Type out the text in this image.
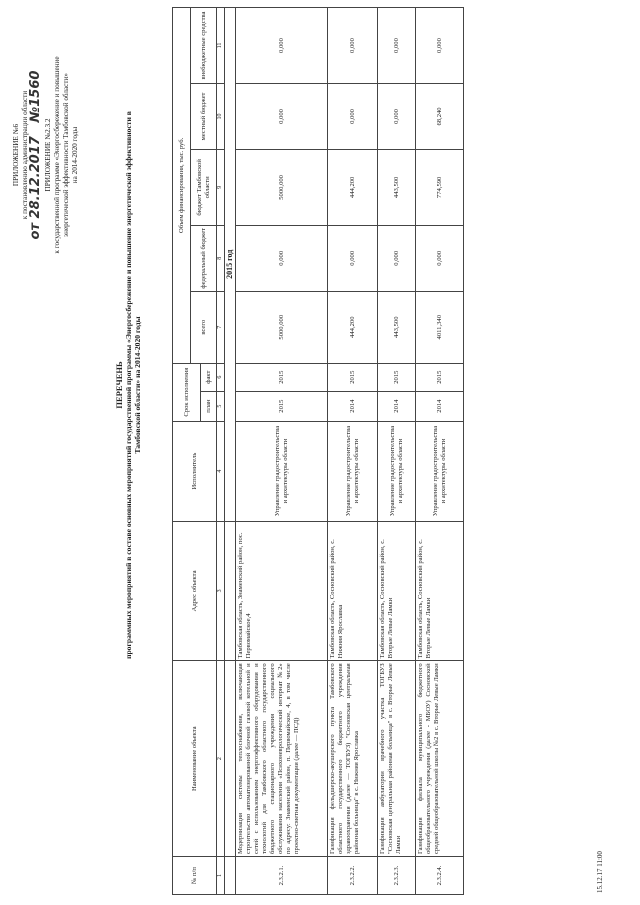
ПРИЛОЖЕНИЕ №6 к постановлению администрации области от 28.12.2017 №1560
ПРИЛОЖЕНИЕ №2.3.2 к государственной программе «Энергосбережение и повышение энергетической эффективности Тамбовской области» на 2014-2020 годы
ПЕРЕЧЕНЬ программных мероприятий в составе основных мероприятий государственной программы «Энергосбережение и повышение энергетической эффективности в Тамбовской области» на 2014-2020 годы
№ п/п	Наименование объекта	Адрес объекта	Исполнитель	Срок исполнения		Объем финансирования, тыс. руб.				
						всего	федеральный бюджет	бюджет Тамбовской области	местный бюджет	внебюджетные средства
				план	факт					
1	2	3	4	5	6	7	8	9	10	11
			2015 год							
2.3.2.1.	Модернизация системы теплоснабжения, включающая строительство автоматизированной блочной газовой котельной и сетей с использованием энергоэффективного оборудования и технологий для Тамбовского областного государственного бюджетного стационарного учреждения социального обслуживания населения «Психоневрологический интернат №2» по адресу: Знаменский район, п. Первомайское, 4, в том числе проектно-сметная документация (далее — ПСД)	Тамбовская область, Знаменский район, пос. Первомайское,4	Управление градостроительства и архитектуры области	2015	2015	5000,000	0,000	5000,000	0,000	0,000
2.3.2.2.	Газификация фельдшерско-акушерского пункта Тамбовского областного государственного бюджетного учреждения здравоохранения (далее — ТОГБУЗ) "Сосновская центральная районная больница" в с. Нижняя Ярославка	Тамбовская область, Сосновский район, с. Нижняя Ярославка	Управление градостроительства и архитектуры области	2014	2015	444,200	0,000	444,200	0,000	0,000
2.3.2.3.	Газификация амбулатории врачебного участка ТОГБУЗ "Сосновская центральная районная больница" в с. Вторые Левые Ламки	Тамбовская область, Сосновский район, с. Вторые Левые Ламки	Управление градостроительства и архитектуры области	2014	2015	443,500	0,000	443,500	0,000	0,000
2.3.2.4.	Газификация филиала муниципального бюджетного общеобразовательного учреждения (далее - МБОУ) Сосновской средней общеобразовательной школы №2 в с. Вторые Левые Ламки	Тамбовская область, Сосновский район, с. Вторые Левые Ламки	Управление градостроительства и архитектуры области	2014	2015	4011,340	0,000	774,590	68,240	0,000
15.12.17 11:00
